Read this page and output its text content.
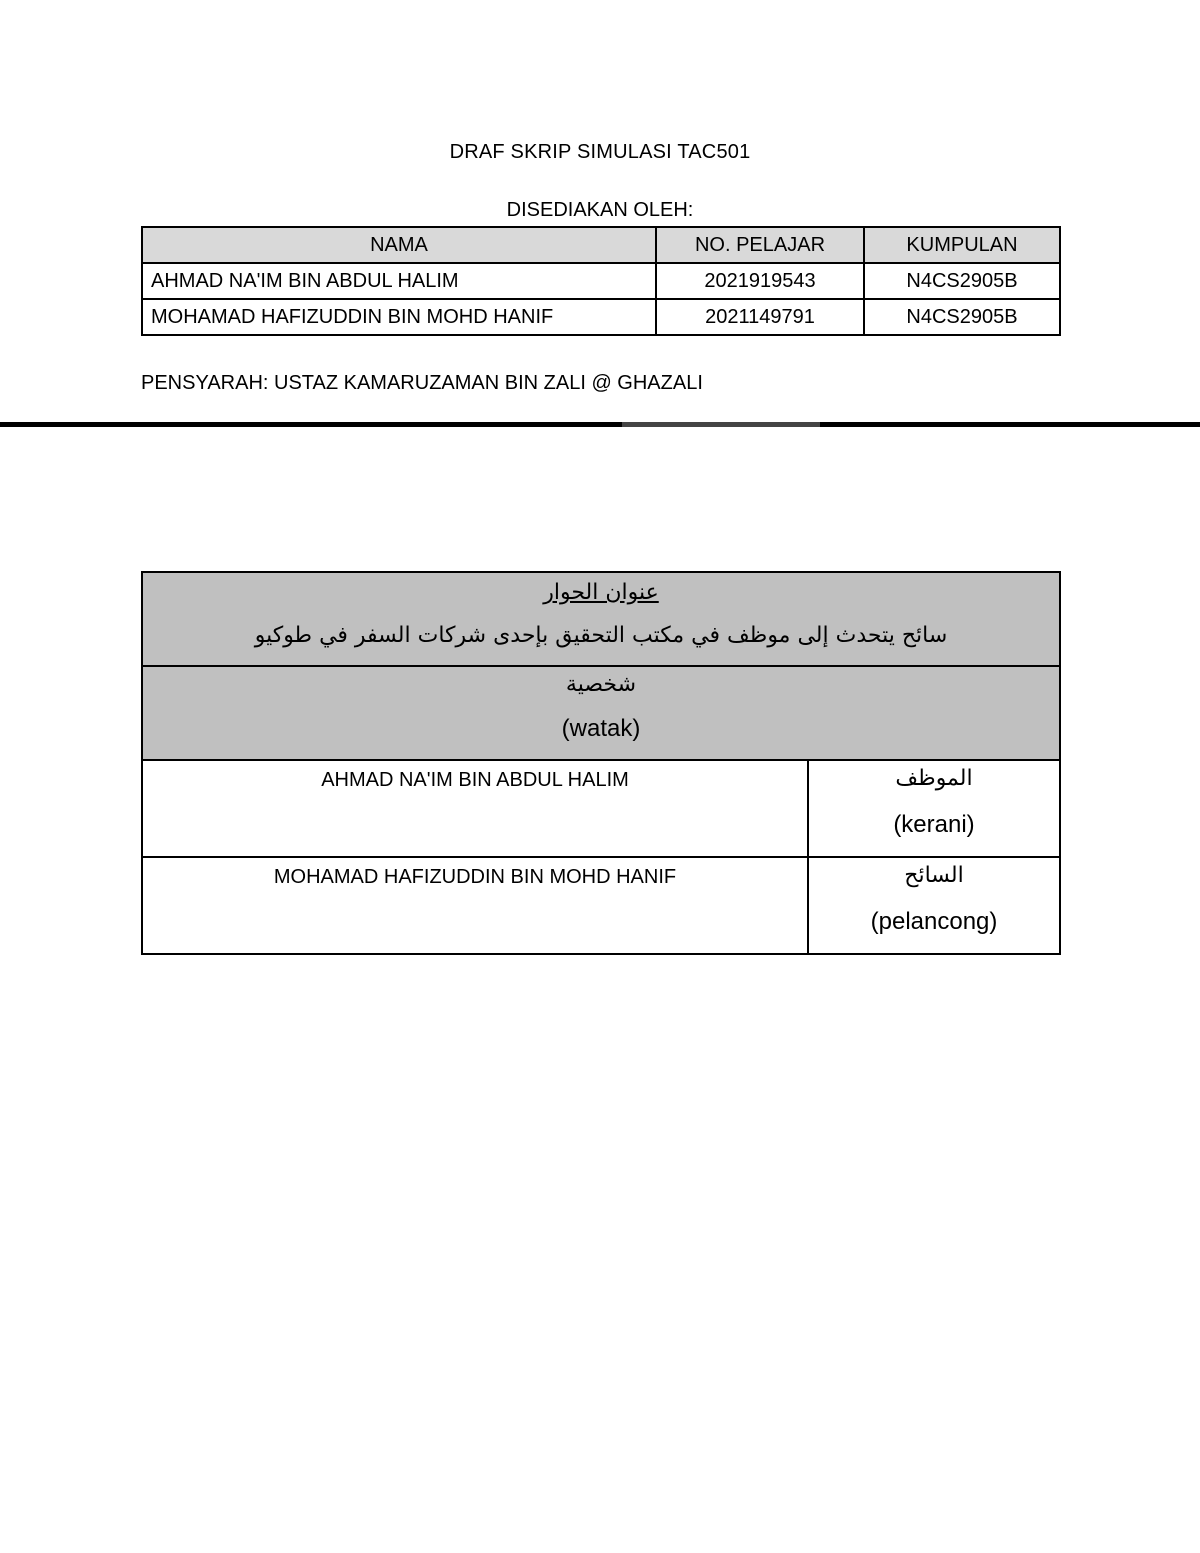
DRAF SKRIP SIMULASI TAC501
DISEDIAKAN OLEH:
NAMA	NO. PELAJAR	KUMPULAN
AHMAD NA'IM BIN ABDUL HALIM	2021919543	N4CS2905B
MOHAMAD HAFIZUDDIN BIN MOHD HANIF	2021149791	N4CS2905B
PENSYARAH: USTAZ KAMARUZAMAN BIN ZALI @ GHAZALI
عنوان الحوار
سائح يتحدث إلى موظف في مكتب التحقيق بإحدى شركات السفر في طوكيو	

شخصية
(watak)	

AHMAD NA'IM BIN ABDUL HALIM	الموظف
(kerani)

MOHAMAD HAFIZUDDIN BIN MOHD HANIF	السائح
(pelancong)
